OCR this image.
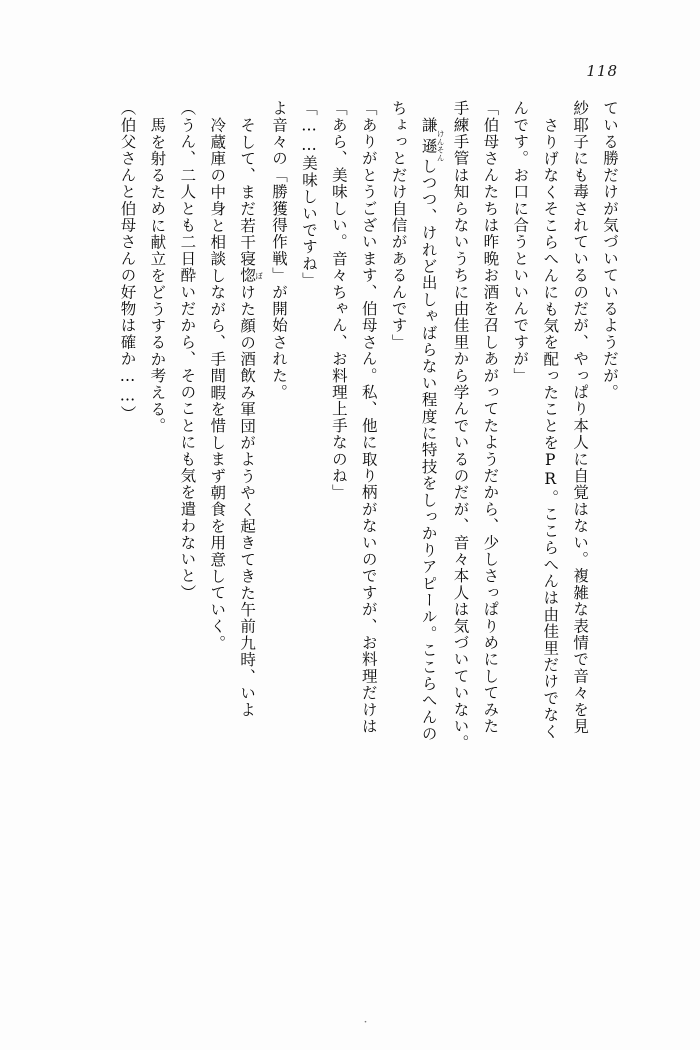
118

ている勝だけが気づいているようだが。

紗耶子にも毒されているのだが、やっぱり本人に自覚はない。複雑な表情で音々を見

さりげなくそこらへんにも気を配ったことをPR。ここらへんは由佳里だけでなく

んです。お口に合うといいんですが」

「伯母さんたちは昨晩お酒を召しあがってたようだから、少しさっぱりめにしてみた

手練手管は知らないうちに由佳里から学んでいるのだが、音々本人は気づいていない。

謙遜けんそんしつつ、けれど出しゃばらない程度に特技をしっかりアピール。ここらへんの

ちょっとだけ自信があるんです」

「ありがとうございます、伯母さん。私、他に取り柄がないのですが、お料理だけは

「あら、美味しい。音々ちゃん、お料理上手なのね」

「……美味しいですね」

よ音々の「勝獲得作戦」が開始された。

そして、まだ若干寝惚ぼけた顔の酒飲み軍団がようやく起きてきた午前九時、いよ

冷蔵庫の中身と相談しながら、手間暇を惜しまず朝食を用意していく。

（うん、二人とも二日酔いだから、そのことにも気を遣わないと）

馬を射るために献立をどうするか考える。

（伯父さんと伯母さんの好物は確か……）

・
